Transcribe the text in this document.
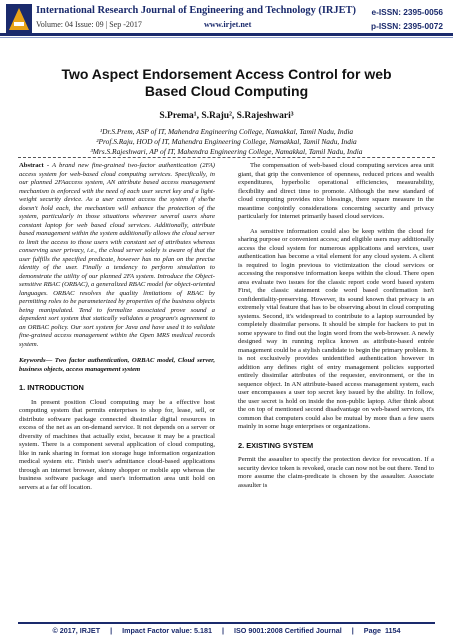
International Research Journal of Engineering and Technology (IRJET)
Volume: 04 Issue: 09 | Sep -2017	www.irjet.net
e-ISSN: 2395-0056
p-ISSN: 2395-0072
Two Aspect Endorsement Access Control for web Based Cloud Computing
S.Prema¹, S.Raju², S.Rajeshwari³
¹Dr.S.Prem, ASP of IT, Mahendra Engineering College, Namakkal, Tamil Nadu, India
²Prof.S.Raju, HOD of IT, Mahendra Engineering College, Namakkal, Tamil Nadu, India
³Mrs.S.Rajeshwari, AP of IT, Mahendra Engineering College, Namakkal, Tamil Nadu, India

Abstract - A brand new fine-grained two-factor authentication (2FA) access system for web-based cloud computing services. Specifically, in our planned 2FAaccess system, AN attribute based access management mechanism is enforced with the need of each user secret key and a light-weight security device. As a user cannot access the system if she/he doesn't hold each, the mechanism will enhance the protection of the system, particularly in those situations wherever several users share constant laptop for web based cloud services. Additionally, attribute based management within the system additionally allows the cloud server to limit the access to those users with constant set of attributes whereas conserving user privacy, i.e., the cloud server solely is aware of that the user fulfills the specified predicate, however has no plan on the precise identity of the user. Finally a tendency to perform simulation to demonstrate the utility of our planned 2FA system. Introduce the Object-sensitive RBAC (ORBAC), a generalized RBAC model for object-oriented languages. ORBAC resolves the quality limitations of RBAC by permitting roles to be parameterized by properties of the business objects being manipulated. Tend to formalize associated prove sound a dependent sort system that statically validates a program's agreement to an ORBAC policy. Our sort system for Java and have used it to validate fine-grained access management within the Open MRS medical records system.

Keywords— Two factor authentication, ORBAC model, Cloud server, business objects, access management system

1. INTRODUCTION

In present position Cloud computing may be a effective host computing system that permits enterprises to shop for, lease, sell, or distribute software package connected dissimilar digital resources in excess of the net as an on-demand service. It not depends on a server or diversity of machines that actually exist, because it may be a practical system. There is a component several application of cloud computing, like in rank sharing in format ion storage huge information organization medical system etc. Finish user's admittance cloud-based applications through an internet browser, skinny shopper or mobile app whereas the business software package and user's information area unit hold on servers at a far off location.

The compensation of web-based cloud computing services area unit giant, that grip the convenience of openness, reduced prices and wealth expenditures, hyperbolic operational efficiencies, measurability, flexibility and direct time to promote. Although the new standard of cloud computing provides nice blessings, there square measure in the meantime conjointly considerations concerning security and privacy particularly for internet primarily based cloud services.

As sensitive information could also be keep within the cloud for sharing purpose or convenient access; and eligible users may additionally access the cloud system for numerous applications and services, user authentication has become a vital element for any cloud system. A client is required to login previous to victimization the cloud services or accessing the responsive information keeps within the cloud. There open area evaluate two issues for the classic report code word based system First, the classic statement code word based confirmation isn't confidentiality-preserving. However, its sound known that privacy is an extremely vital feature that has to be observing about in cloud computing systems. Second, it's widespread to contribute to a laptop surrounded by completely dissimilar persons. It should be simple for hackers to put in some spyware to find out the login word from the web-browser. A newly designed way in running replica known as attribute-based entrée management could be a stylish candidate to begin the primary problem. It is not exclusively provides unidentified authentication however in addition any defines right of entry management policies supported entirely dissimilar attributes of the requester, environment, or the in sequence object. In AN attribute-based access management system, each user encompasses a user top secret key issued by the ability. In follow, the user secret is hold on inside the non-public laptop. After think about the on top of mentioned second disadvantage on web-based services, it's common that computers could also be mutual by more than a few users mainly in some huge enterprises or organizations.

2. EXISTING SYSTEM

Permit the assaulter to specify the protection device for revocation. If a security device token is revoked, oracle can now not be out there. Tend to more assume the claim-predicate is chosen by the assaulter. Associate assaulter is

© 2017, IRJET     |     Impact Factor value: 5.181     |     ISO 9001:2008 Certified Journal     |     Page  1154
